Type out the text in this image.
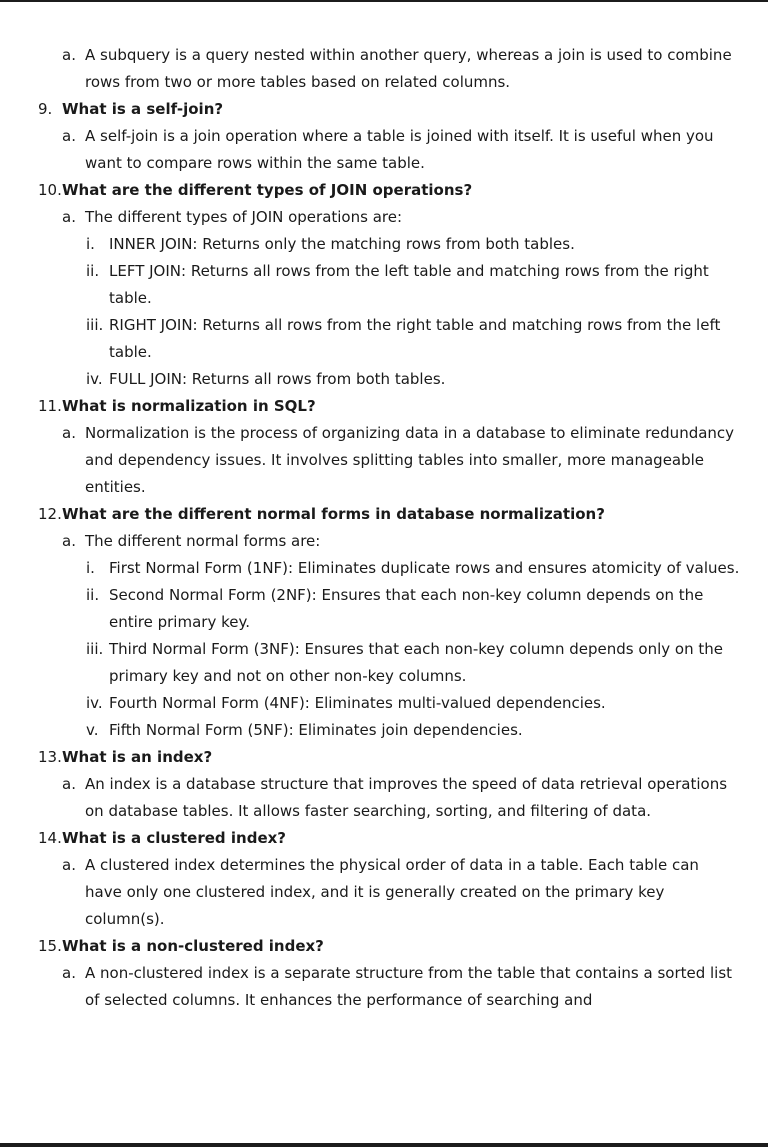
a. A subquery is a query nested within another query, whereas a join is used to combine rows from two or more tables based on related columns.
9. What is a self-join?
a. A self-join is a join operation where a table is joined with itself. It is useful when you want to compare rows within the same table.
10. What are the different types of JOIN operations?
a. The different types of JOIN operations are:
i. INNER JOIN: Returns only the matching rows from both tables.
ii. LEFT JOIN: Returns all rows from the left table and matching rows from the right table.
iii. RIGHT JOIN: Returns all rows from the right table and matching rows from the left table.
iv. FULL JOIN: Returns all rows from both tables.
11. What is normalization in SQL?
a. Normalization is the process of organizing data in a database to eliminate redundancy and dependency issues. It involves splitting tables into smaller, more manageable entities.
12. What are the different normal forms in database normalization?
a. The different normal forms are:
i. First Normal Form (1NF): Eliminates duplicate rows and ensures atomicity of values.
ii. Second Normal Form (2NF): Ensures that each non-key column depends on the entire primary key.
iii. Third Normal Form (3NF): Ensures that each non-key column depends only on the primary key and not on other non-key columns.
iv. Fourth Normal Form (4NF): Eliminates multi-valued dependencies.
v. Fifth Normal Form (5NF): Eliminates join dependencies.
13. What is an index?
a. An index is a database structure that improves the speed of data retrieval operations on database tables. It allows faster searching, sorting, and filtering of data.
14. What is a clustered index?
a. A clustered index determines the physical order of data in a table. Each table can have only one clustered index, and it is generally created on the primary key column(s).
15. What is a non-clustered index?
a. A non-clustered index is a separate structure from the table that contains a sorted list of selected columns. It enhances the performance of searching and
